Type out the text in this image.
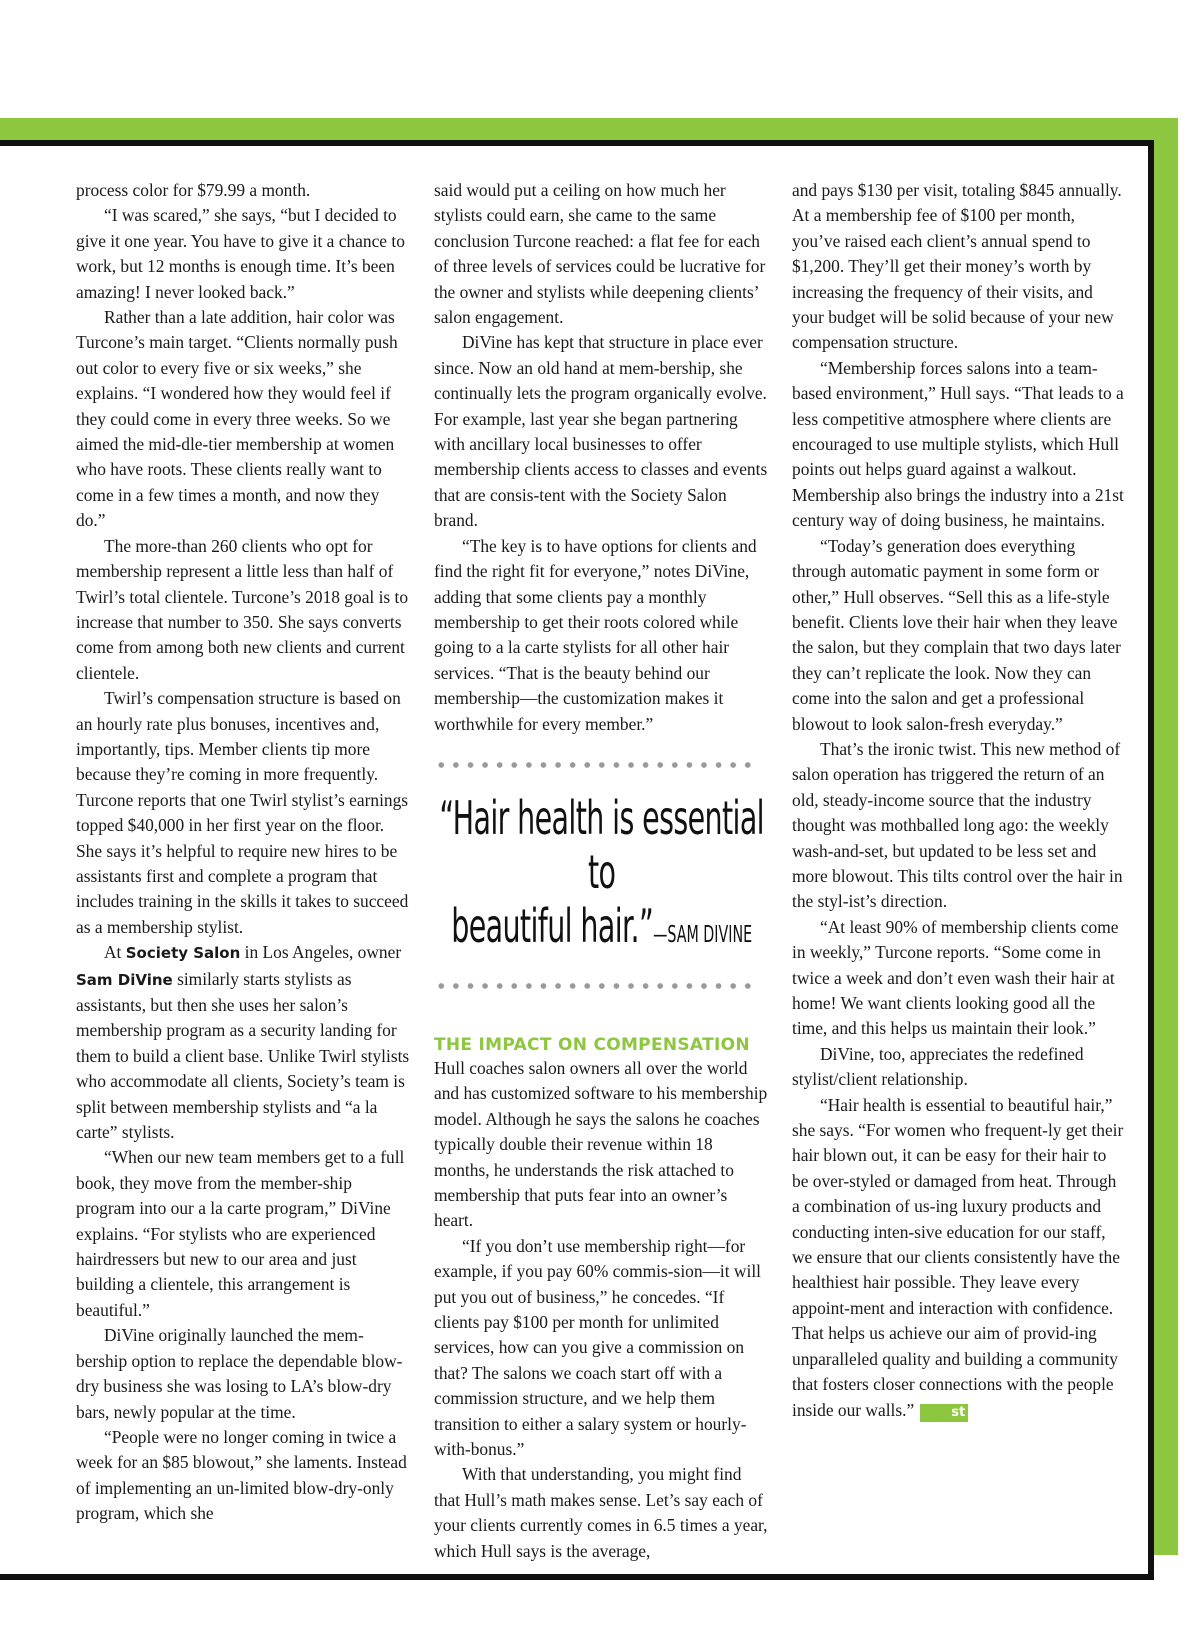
process color for $79.99 a month.

“I was scared,” she says, “but I decided to give it one year. You have to give it a chance to work, but 12 months is enough time. It’s been amazing! I never looked back.”

Rather than a late addition, hair color was Turcone’s main target. “Clients normally push out color to every five or six weeks,” she explains. “I wondered how they would feel if they could come in every three weeks. So we aimed the mid-dle-tier membership at women who have roots. These clients really want to come in a few times a month, and now they do.”

The more-than 260 clients who opt for membership represent a little less than half of Twirl’s total clientele. Turcone’s 2018 goal is to increase that number to 350. She says converts come from among both new clients and current clientele.

Twirl’s compensation structure is based on an hourly rate plus bonuses, incentives and, importantly, tips. Member clients tip more because they’re coming in more frequently. Turcone reports that one Twirl stylist’s earnings topped $40,000 in her first year on the floor. She says it’s helpful to require new hires to be assistants first and complete a program that includes training in the skills it takes to succeed as a membership stylist.

At Society Salon in Los Angeles, owner Sam DiVine similarly starts stylists as assistants, but then she uses her salon’s membership program as a security landing for them to build a client base. Unlike Twirl stylists who accommodate all clients, Society’s team is split between membership stylists and “a la carte” stylists.

“When our new team members get to a full book, they move from the member-ship program into our a la carte program,” DiVine explains. “For stylists who are experienced hairdressers but new to our area and just building a clientele, this arrangement is beautiful.”

DiVine originally launched the mem-bership option to replace the dependable blow-dry business she was losing to LA’s blow-dry bars, newly popular at the time.

“People were no longer coming in twice a week for an $85 blowout,” she laments. Instead of implementing an un-limited blow-dry-only program, which she

said would put a ceiling on how much her stylists could earn, she came to the same conclusion Turcone reached: a flat fee for each of three levels of services could be lucrative for the owner and stylists while deepening clients’ salon engagement.

DiVine has kept that structure in place ever since. Now an old hand at mem-bership, she continually lets the program organically evolve. For example, last year she began partnering with ancillary local businesses to offer membership clients access to classes and events that are consis-tent with the Society Salon brand.

“The key is to have options for clients and find the right fit for everyone,” notes DiVine, adding that some clients pay a monthly membership to get their roots colored while going to a la carte stylists for all other hair services. “That is the beauty behind our membership—the customization makes it worthwhile for every member.”

“Hair health is essential to
beautiful hair.”—SAM DIVINE
THE IMPACT ON COMPENSATION

Hull coaches salon owners all over the world and has customized software to his membership model. Although he says the salons he coaches typically double their revenue within 18 months, he understands the risk attached to membership that puts fear into an owner’s heart.

“If you don’t use membership right—for example, if you pay 60% commis-sion—it will put you out of business,” he concedes. “If clients pay $100 per month for unlimited services, how can you give a commission on that? The salons we coach start off with a commission structure, and we help them transition to either a salary system or hourly-with-bonus.”

With that understanding, you might find that Hull’s math makes sense. Let’s say each of your clients currently comes in 6.5 times a year, which Hull says is the average,

and pays $130 per visit, totaling $845 annually. At a membership fee of $100 per month, you’ve raised each client’s annual spend to $1,200. They’ll get their money’s worth by increasing the frequency of their visits, and your budget will be solid because of your new compensation structure.

“Membership forces salons into a team-based environment,” Hull says. “That leads to a less competitive atmosphere where clients are encouraged to use multiple stylists, which Hull points out helps guard against a walkout. Membership also brings the industry into a 21st century way of doing business, he maintains.

“Today’s generation does everything through automatic payment in some form or other,” Hull observes. “Sell this as a life-style benefit. Clients love their hair when they leave the salon, but they complain that two days later they can’t replicate the look. Now they can come into the salon and get a professional blowout to look salon-fresh everyday.”

That’s the ironic twist. This new method of salon operation has triggered the return of an old, steady-income source that the industry thought was mothballed long ago: the weekly wash-and-set, but updated to be less set and more blowout. This tilts control over the hair in the styl-ist’s direction.

“At least 90% of membership clients come in weekly,” Turcone reports. “Some come in twice a week and don’t even wash their hair at home! We want clients looking good all the time, and this helps us maintain their look.”

DiVine, too, appreciates the redefined stylist/client relationship.

“Hair health is essential to beautiful hair,” she says. “For women who frequent-ly get their hair blown out, it can be easy for their hair to be over-styled or damaged from heat. Through a combination of us-ing luxury products and conducting inten-sive education for our staff, we ensure that our clients consistently have the healthiest hair possible. They leave every appoint-ment and interaction with confidence. That helps us achieve our aim of provid-ing unparalleled quality and building a community that fosters closer connections with the people inside our walls.”	st
